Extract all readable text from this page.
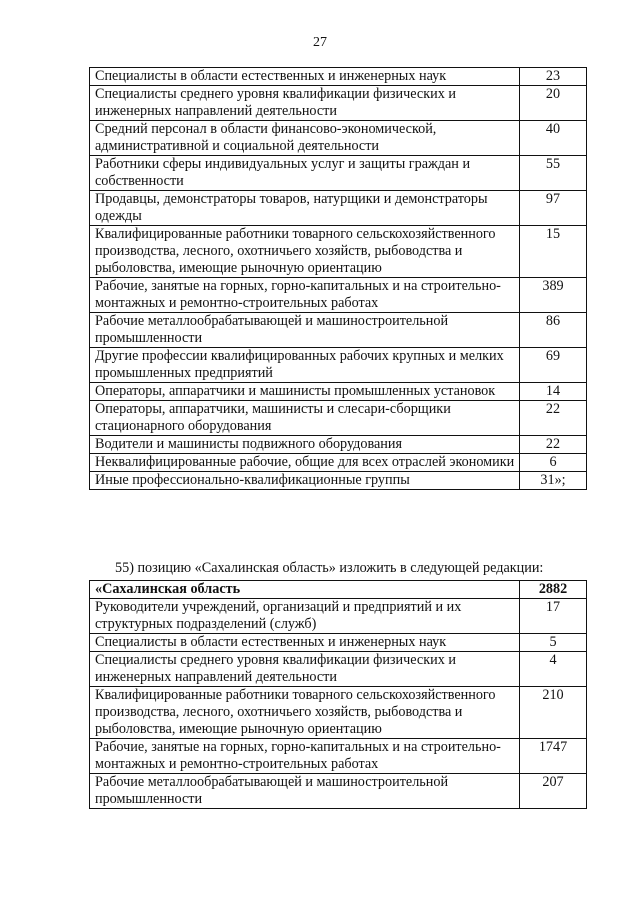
27
Специалисты в области естественных и инженерных наук	23
Специалисты среднего уровня квалификации физических и инженерных направлений деятельности	20
Средний персонал в области финансово-экономической, административной и социальной деятельности	40
Работники сферы индивидуальных услуг и защиты граждан и собственности	55
Продавцы, демонстраторы товаров, натурщики и демонстраторы одежды	97
Квалифицированные работники товарного сельскохозяйственного производства, лесного, охотничьего хозяйств, рыбоводства и рыболовства, имеющие рыночную ориентацию	15
Рабочие, занятые на горных, горно-капитальных и на строительно-монтажных и ремонтно-строительных работах	389
Рабочие металлообрабатывающей и машиностроительной промышленности	86
Другие профессии квалифицированных рабочих крупных и мелких промышленных предприятий	69
Операторы, аппаратчики и машинисты промышленных установок	14
Операторы, аппаратчики, машинисты и слесари-сборщики стационарного оборудования	22
Водители и машинисты подвижного оборудования	22
Неквалифицированные рабочие, общие для всех отраслей экономики	6
Иные профессионально-квалификационные группы	31»;
55) позицию «Сахалинская область» изложить в следующей редакции:
«Сахалинская область	2882
Руководители учреждений, организаций и предприятий и их структурных подразделений (служб)	17
Специалисты в области естественных и инженерных наук	5
Специалисты среднего уровня квалификации физических и инженерных направлений деятельности	4
Квалифицированные работники товарного сельскохозяйственного производства, лесного, охотничьего хозяйств, рыбоводства и рыболовства, имеющие рыночную ориентацию	210
Рабочие, занятые на горных, горно-капитальных и на строительно-монтажных и ремонтно-строительных работах	1747
Рабочие металлообрабатывающей и машиностроительной промышленности	207
